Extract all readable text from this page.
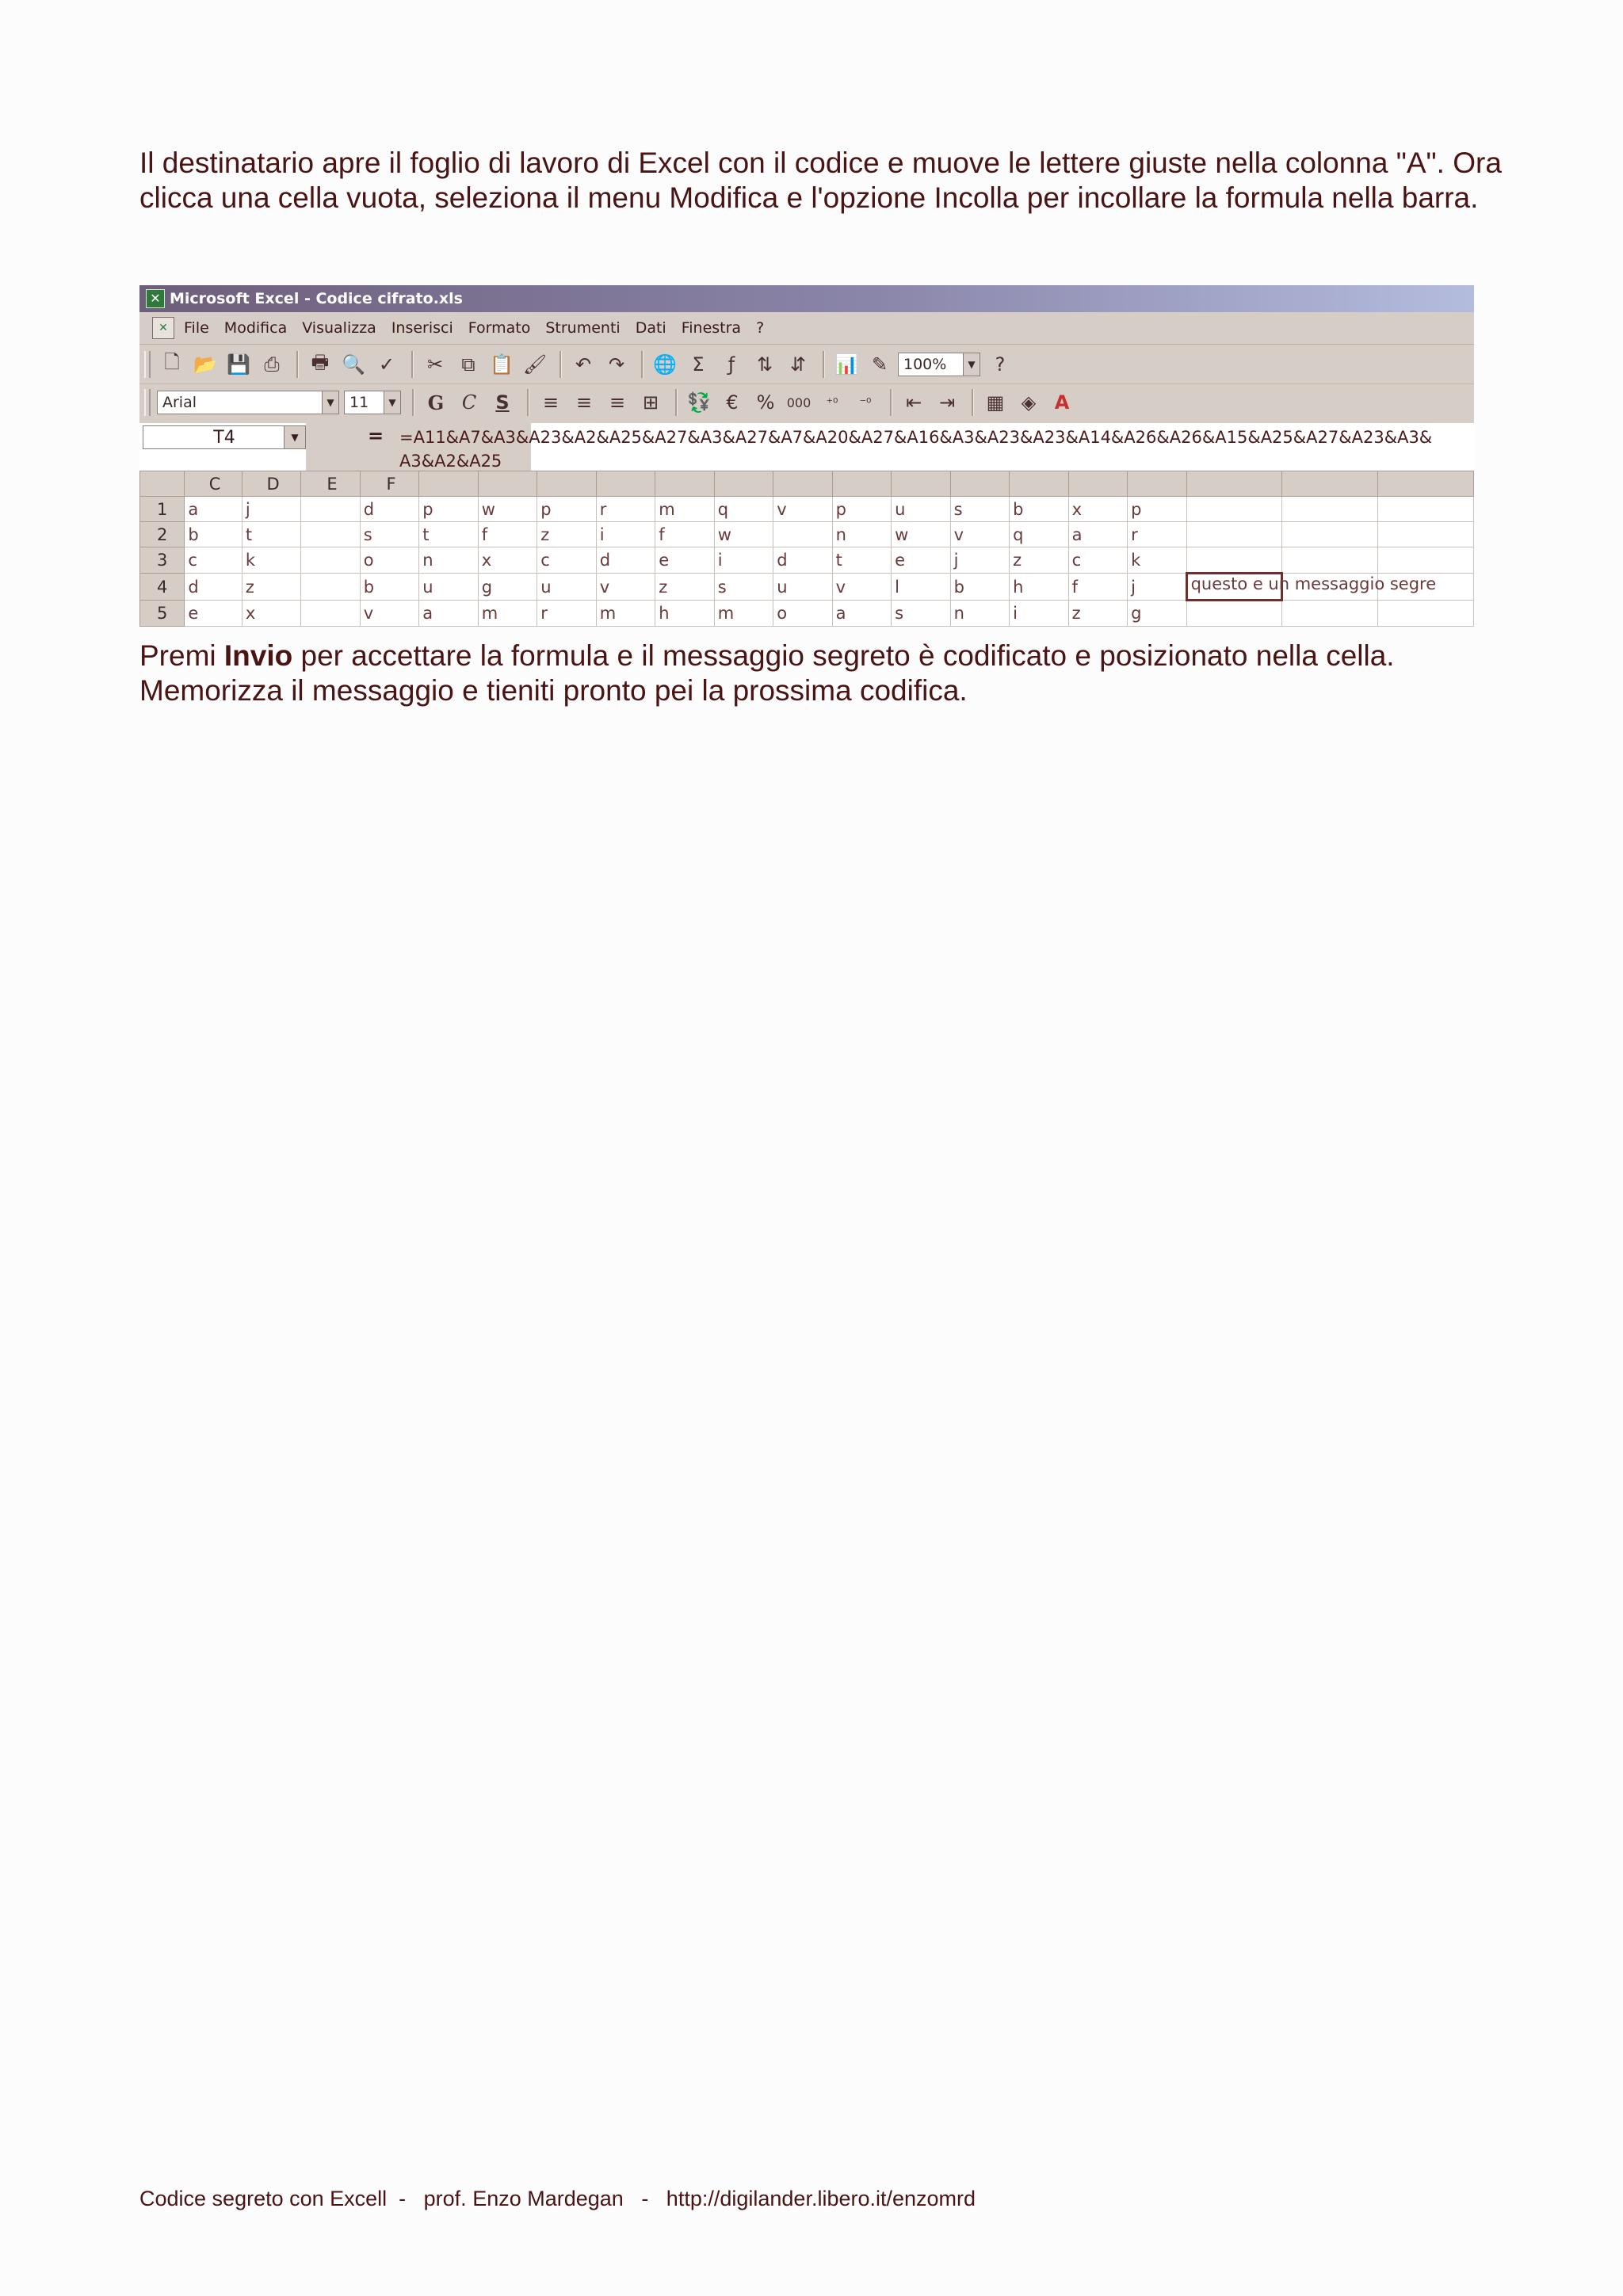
Il destinatario apre il foglio di lavoro di Excel con il codice e muove le lettere giuste nella colonna "A". Ora clicca una cella vuota, seleziona il menu Modifica e l'opzione Incolla per incollare la formula nella barra.

✕ Microsoft Excel - Codice cifrato.xls
✕	File Modifica Visualizza Inserisci Formato Strumenti Dati Finestra ?
🗋 📂 💾 ⎙	🖶 🔍 ✓	✂ ⧉ 📋 🖌	↶ ↷	🌐 Σ	ƒ	⇅ ⇵	📊 ✎	100%	▼	?
Arial	▼ 11	▼	G C	S	≡ ≡ ≡ ⊞	💱 € % 000	⁺⁰	⁻⁰	⇤ ⇥	▦ ◈ A
T4	▼	= =A11&A7&A3&A23&A2&A25&A27&A3&A27&A7&A20&A27&A16&A3&A23&A23&A14&A26&A26&A15&A25&A27&A23&A3&
A3&A2&A25
	C	D	E	F																
1	a	j		d	p	w	p	r	m	q	v	p	u	s	b	x	p			
2	b	t		s	t	f	z	i	f	w		n	w	v	q	a	r			
3	c	k		o	n	x	c	d	e	i	d	t	e	j	z	c	k			
4	d	z		b	u	g	u	v	z	s	u	v	l	b	h	f	j	questo e un messaggio segre		

5	e	x		v	a	m	r	m	h	m	o	a	s	n	i	z	g			

Premi Invio per accettare la formula e il messaggio segreto è codificato e posizionato nella cella. Memorizza il messaggio e tieniti pronto pei la prossima codifica.

Codice segreto con Excell  -   prof. Enzo Mardegan   -   http://digilander.libero.it/enzomrd
